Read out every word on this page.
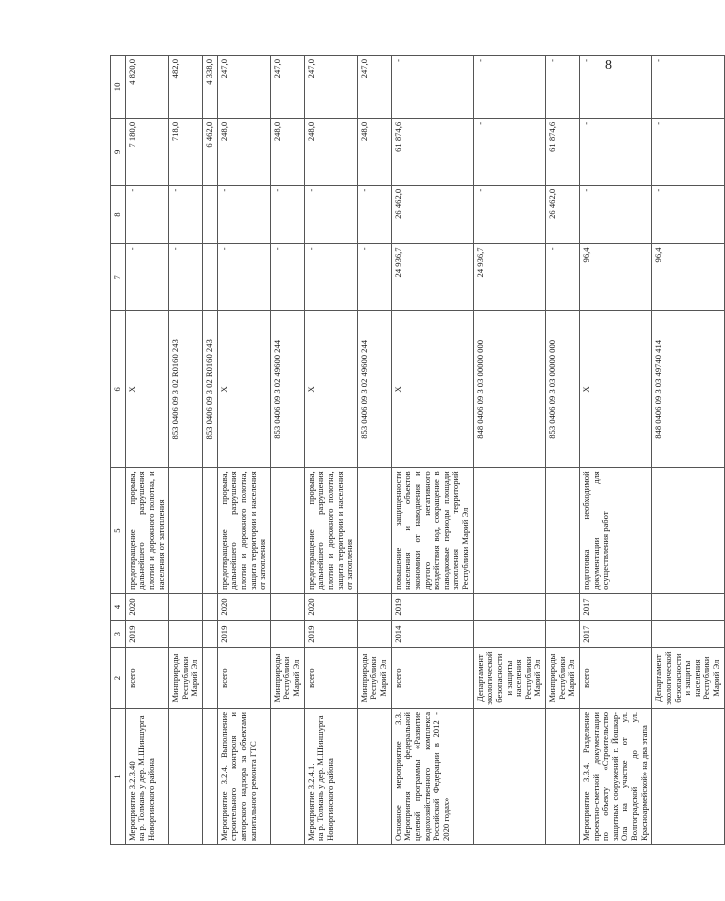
8
1	2	3	4	5	6	7	8	9	10

Мероприятие 3.2.3.40 на р. Толмань у дер. М.Шиншургa Новоргинского района	всего	2019	2020	предотвращение прорыва, дальнейшего разрушения плотин и дорожного полотна, и населения от затопления	X	-	-	7 180,0	4 820,0
	Минприроды Республики Марий Эл				853 0406 09 3 02 R0160 243	-	-	718,0	482,0
					853 0406 09 3 02 R0160 243			6 462,0	4 338,0
Мероприятие 3.2.4. Выполнение строительного контроля и авторского надзора за объектами капитального ремонта ГТС	всего	2019	2020	предотвращение прорыва, дальнейшего разрушения плотин и дорожного полотна, защита территории и населения от затопления	X	-	-	248,0	247,0
	Минприроды Республики Марий Эл				853 0406 09 3 02 49600 244	-	-	248,0	247,0

Мероприятие 3.2.4.1. на р. Толмань у дер. М.Шиншургa Новоргинского района	всего	2019	2020	предотвращение прорыва, дальнейшего разрушения плотин и дорожного полотна, защита территории и населения от затопления	X	-	-	248,0	247,0
	Минприроды Республики Марий Эл				853 0406 09 3 02 49600 244	-	-	248,0	247,0
Основное мероприятие 3.3. Мероприятия федеральной целевой программы «Развитие водохозяйственного комплекса Российской Федерации в 2012 - 2020 годах»	всего	2014	2019	повышение защищенности населения и объектов экономики от наводнения и другого негативного воздействия вод, сокращение в паводковые периоды площади затопления территорий Республики Марий Эл	X	24 936,7	26 462,0	61 874,6	-
	Департамент экологической безопасности и защиты населения Республики Марий Эл				848 0406 09 3 03 00000 000	24 936,7	-	-	-
	Минприроды Республики Марий Эл				853 0406 09 3 03 00000 000	-	26 462,0	61 874,6	-
Мероприятие 3.3.4. Разделение проектно-сметной документации по объекту «Строительство защитных сооружений г. Йошкар-Ола на участке от ул. Волгоградской до ул. Красноармейской» на два этапа	всего	2017	2017	подготовка необходимой документации для осуществления работ	X	96,4	-	-	-
	Департамент экологической безопасности и защиты населения Республики Марий Эл				848 0406 09 3 03 49740 414	96,4	-	-	-
